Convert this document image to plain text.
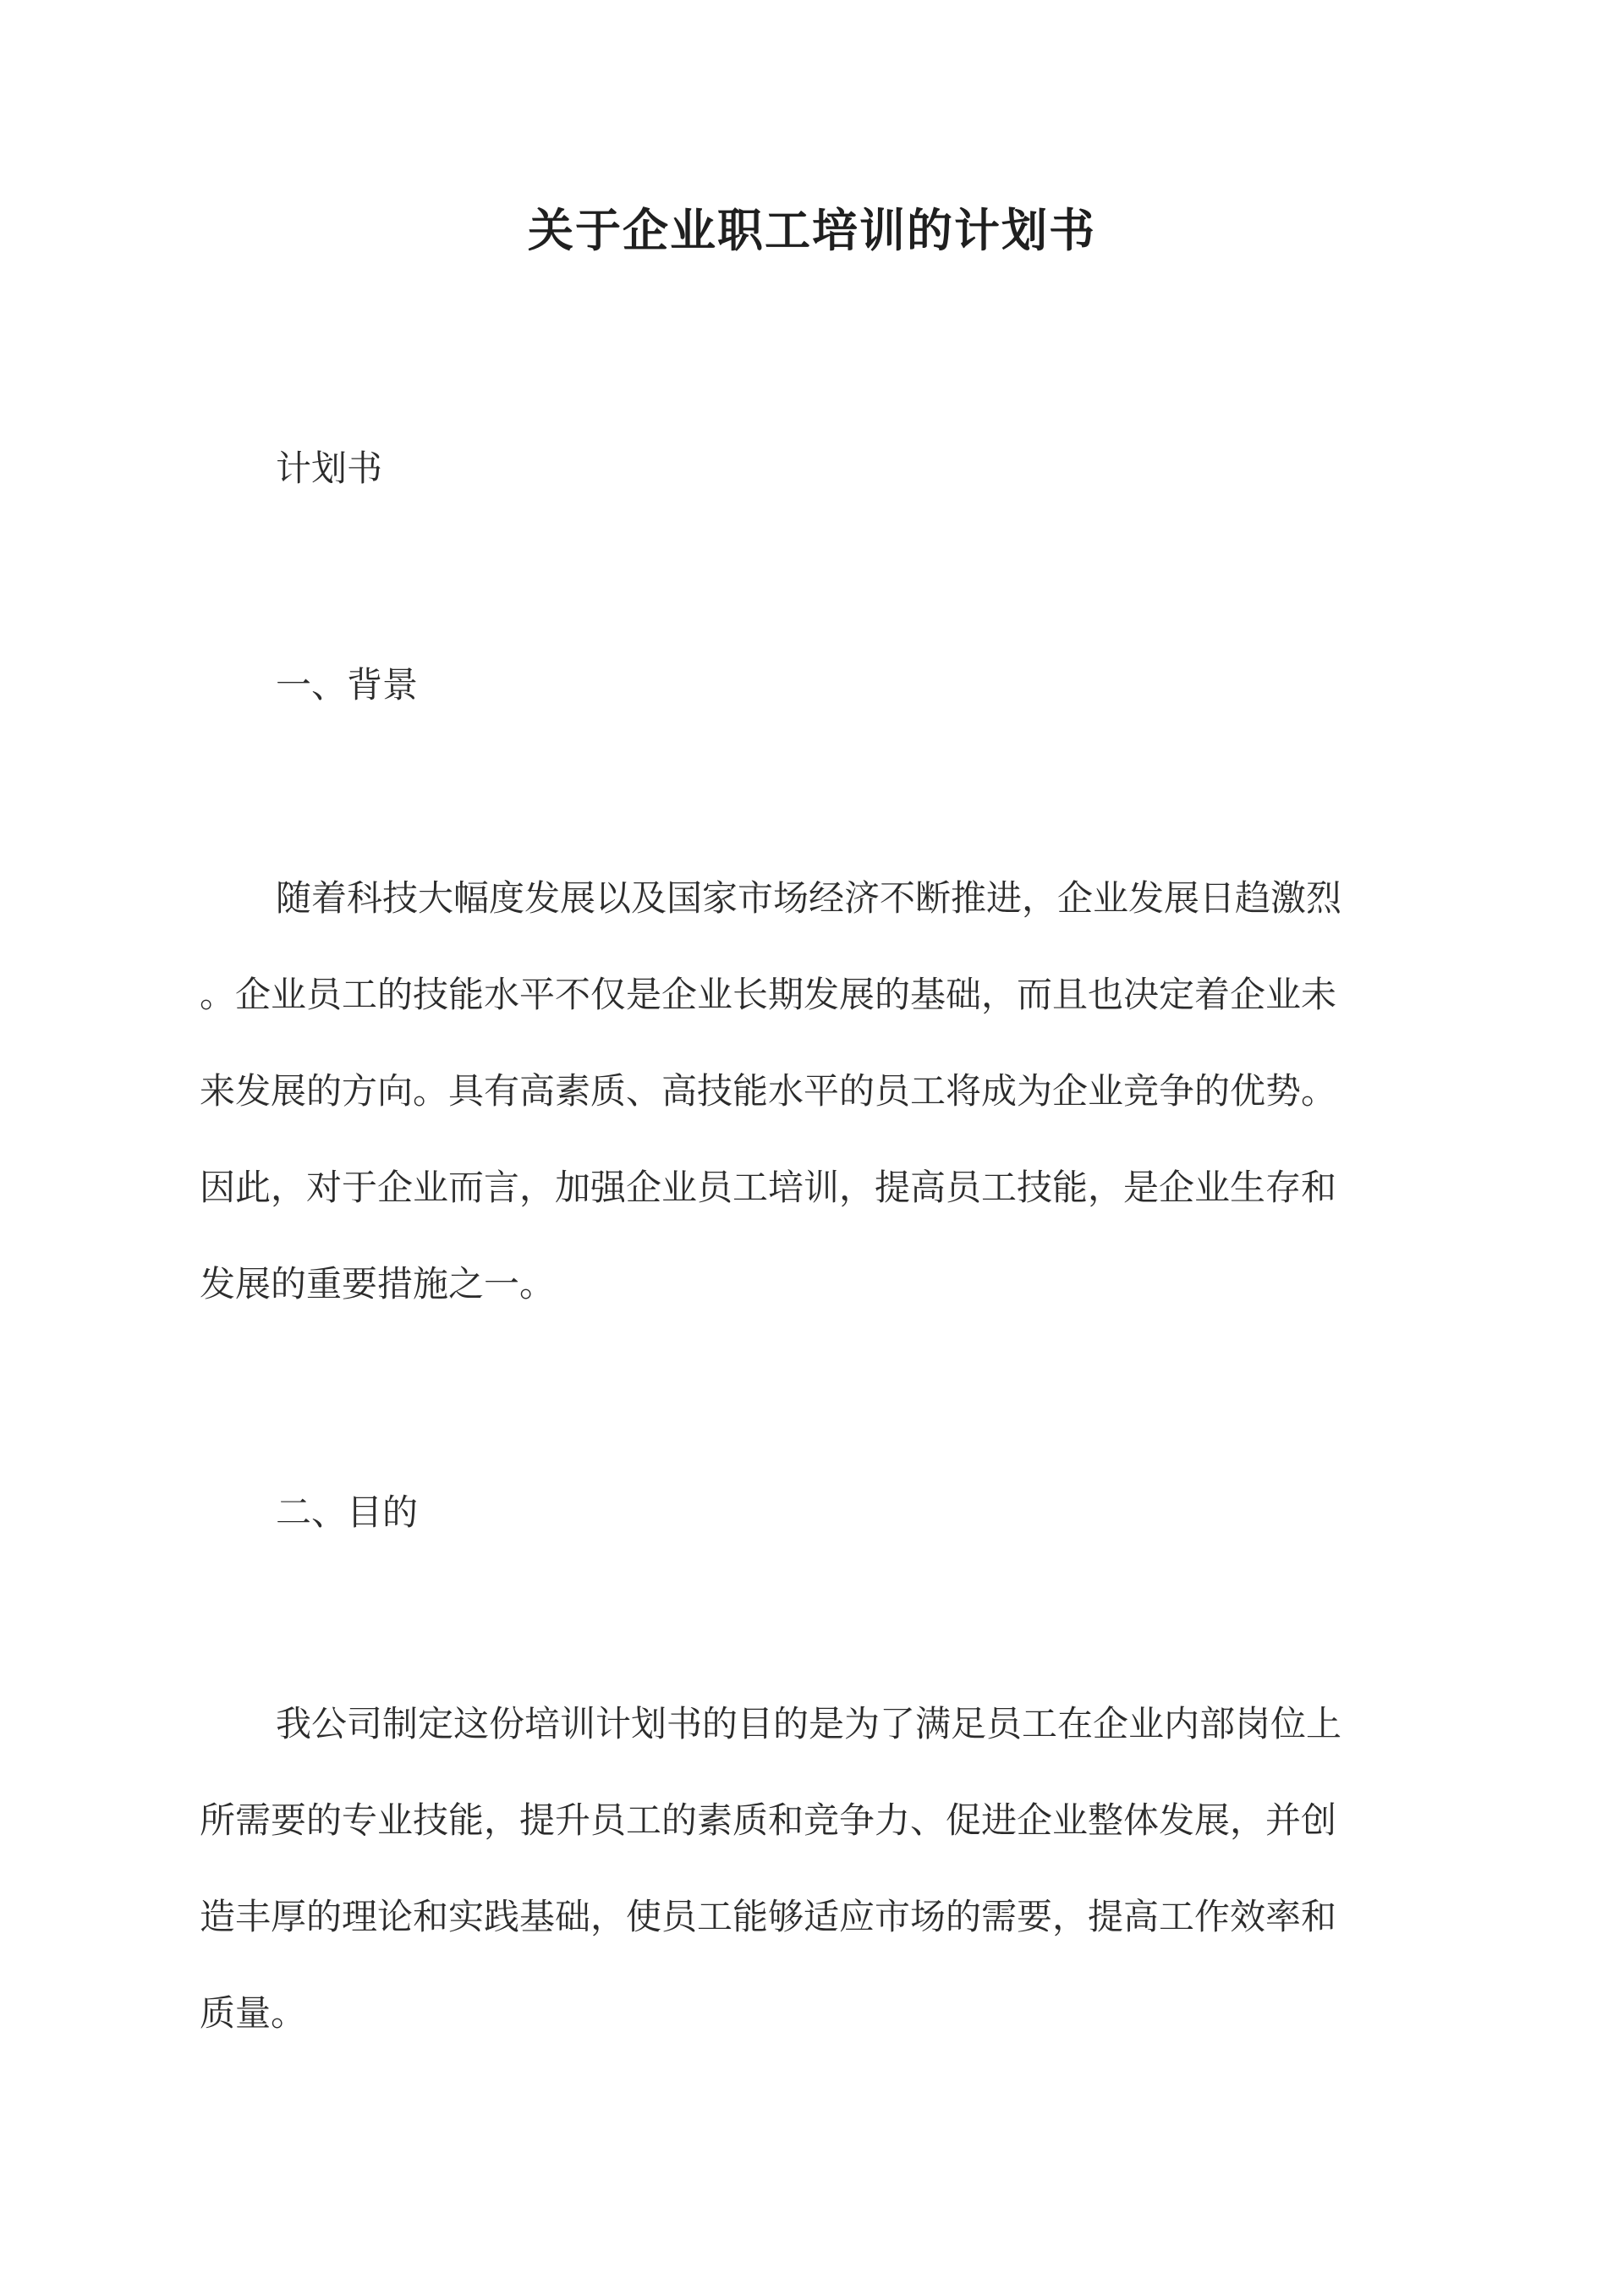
关于企业职工培训的计划书

计划书

一、背景

随着科技大幅度发展以及国家市场经济不断推进，企业发展日趋激烈

。企业员工的技能水平不仅是企业长期发展的基础，而且也决定着企业未

来发展的方向。具有高素质、高技能水平的员工将成为企业竞争的优势。

因此，对于企业而言，加强企业员工培训，提高员工技能，是企业生存和

发展的重要措施之一。

二、目的

我公司制定这份培训计划书的目的是为了满足员工在企业内部岗位上

所需要的专业技能，提升员工的素质和竞争力、促进企业整体发展，并创

造丰厚的理论和实践基础，使员工能够适应市场的需要，提高工作效率和

质量。
